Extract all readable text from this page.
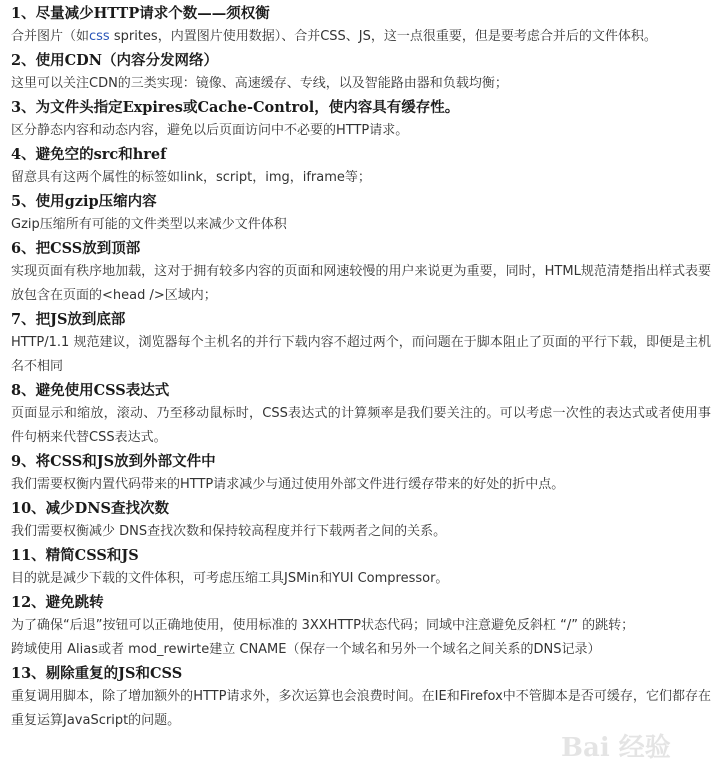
1、尽量减少HTTP请求个数——须权衡
合并图片（如css sprites，内置图片使用数据）、合并CSS、JS，这一点很重要，但是要考虑合并后的文件体积。
2、使用CDN（内容分发网络）
这里可以关注CDN的三类实现：镜像、高速缓存、专线，以及智能路由器和负载均衡；
3、为文件头指定Expires或Cache-Control，使内容具有缓存性。
区分静态内容和动态内容，避免以后页面访问中不必要的HTTP请求。
4、避免空的src和href
留意具有这两个属性的标签如link，script，img，iframe等；
5、使用gzip压缩内容
Gzip压缩所有可能的文件类型以来减少文件体积
6、把CSS放到顶部
实现页面有秩序地加载，这对于拥有较多内容的页面和网速较慢的用户来说更为重要，同时，HTML规范清楚指出样式表要放包含在页面的<head />区域内；
7、把JS放到底部
HTTP/1.1 规范建议，浏览器每个主机名的并行下载内容不超过两个，而问题在于脚本阻止了页面的平行下载，即便是主机名不相同
8、避免使用CSS表达式
页面显示和缩放，滚动、乃至移动鼠标时，CSS表达式的计算频率是我们要关注的。可以考虑一次性的表达式或者使用事件句柄来代替CSS表达式。
9、将CSS和JS放到外部文件中
我们需要权衡内置代码带来的HTTP请求减少与通过使用外部文件进行缓存带来的好处的折中点。
10、减少DNS查找次数
我们需要权衡减少 DNS查找次数和保持较高程度并行下载两者之间的关系。
11、精简CSS和JS
目的就是减少下载的文件体积，可考虑压缩工具JSMin和YUI Compressor。
12、避免跳转
为了确保“后退”按钮可以正确地使用，使用标准的 3XXHTTP状态代码；同域中注意避免反斜杠 “/” 的跳转；
跨域使用 Alias或者 mod_rewirte建立 CNAME（保存一个域名和另外一个域名之间关系的DNS记录）
13、剔除重复的JS和CSS
重复调用脚本，除了增加额外的HTTP请求外，多次运算也会浪费时间。在IE和Firefox中不管脚本是否可缓存，它们都存在重复运算JavaScript的问题。
Bai 经验
